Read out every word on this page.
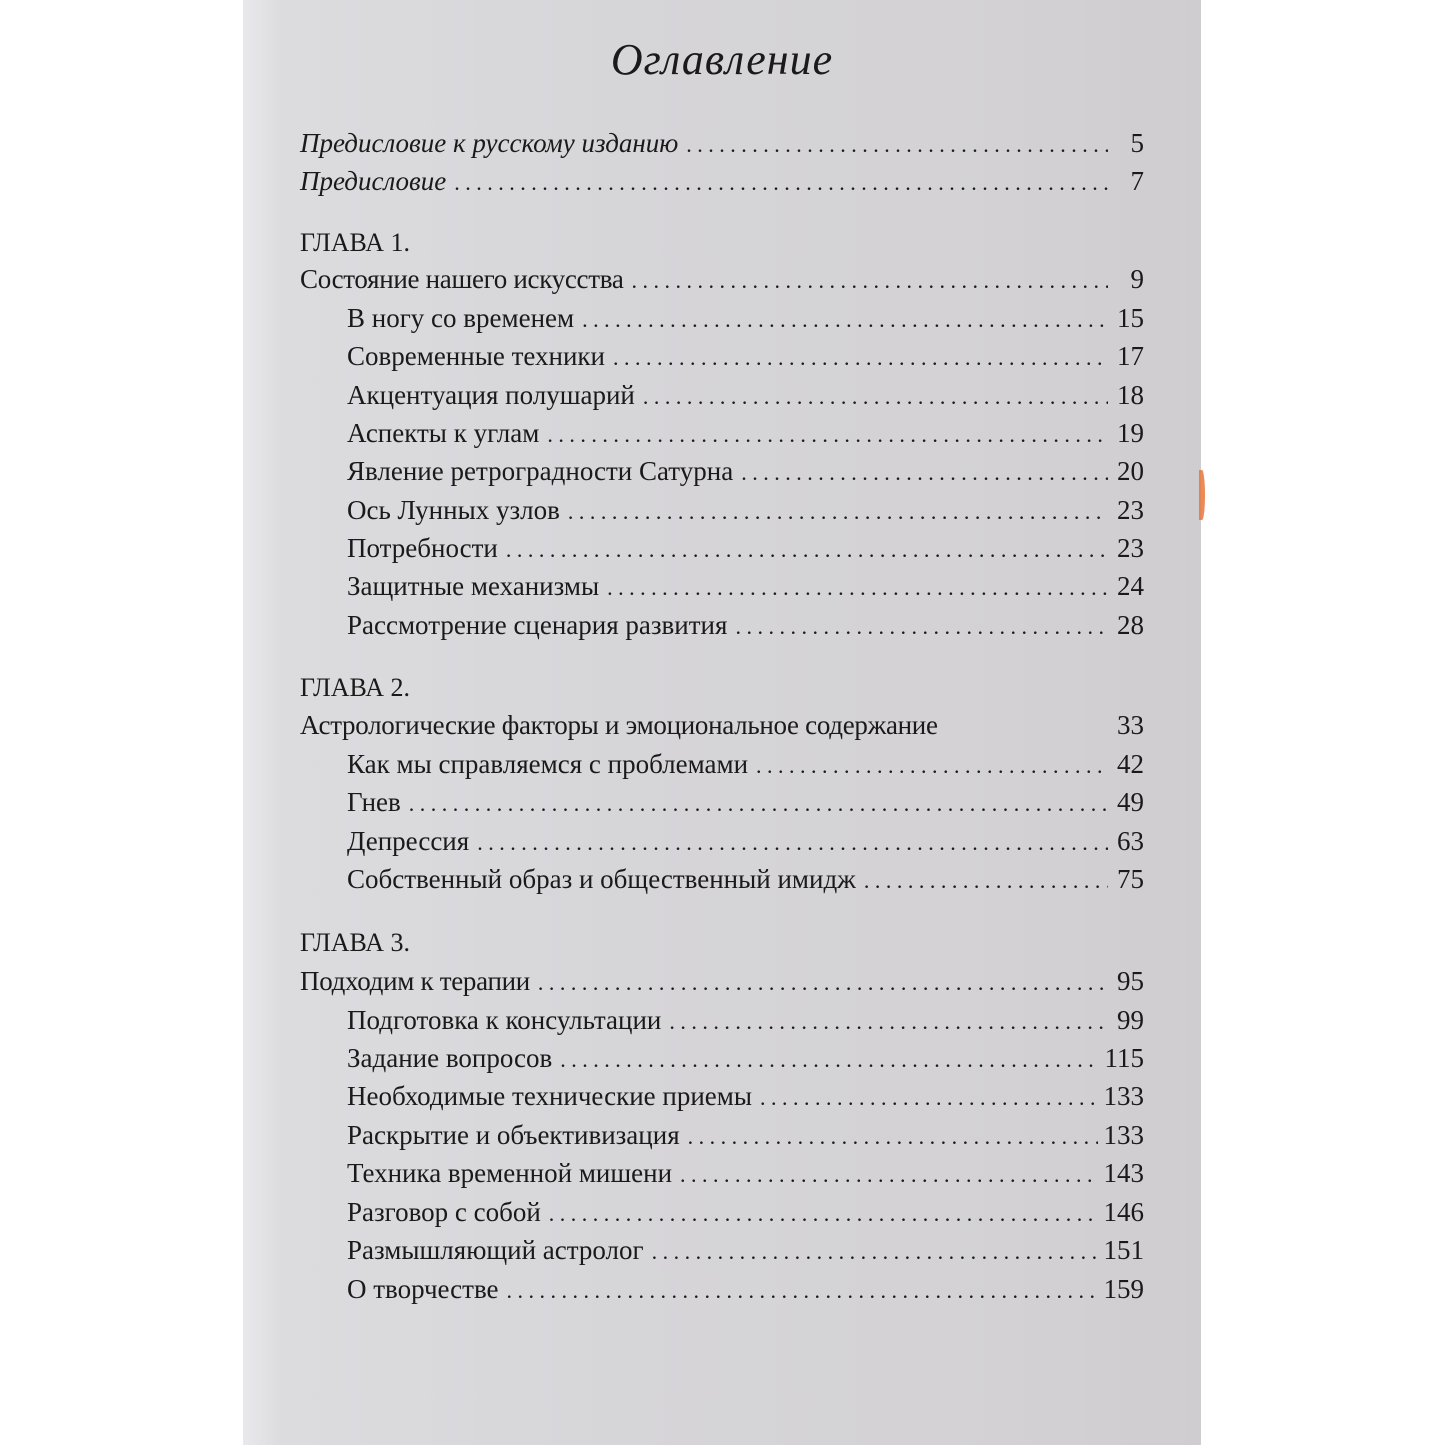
Оглавление
Предисловие к русскому изданию . . .	5
Предисловие . . .	7
ГЛАВА 1.
Состояние нашего искусства . . .	9
В ногу со временем . . .	15
Современные техники . . .	17
Акцентуация полушарий . . .	18
Аспекты к углам . . .	19
Явление ретроградности Сатурна . . .	20
Ось Лунных узлов . . .	23
Потребности . . .	23
Защитные механизмы . . .	24
Рассмотрение сценария развития . . .	28
ГЛАВА 2.
Астрологические факторы и эмоциональное содержание	33
Как мы справляемся с проблемами . . .	42
Гнев . . .	49
Депрессия . . .	63
Собственный образ и общественный имидж . . .	75
ГЛАВА 3.
Подходим к терапии . . .	95
Подготовка к консультации . . .	99
Задание вопросов . . .	115
Необходимые технические приемы . . .	133
Раскрытие и объективизация . . .	133
Техника временной мишени . . .	143
Разговор с собой . . .	146
Размышляющий астролог . . .	151
О творчестве . . .	159
